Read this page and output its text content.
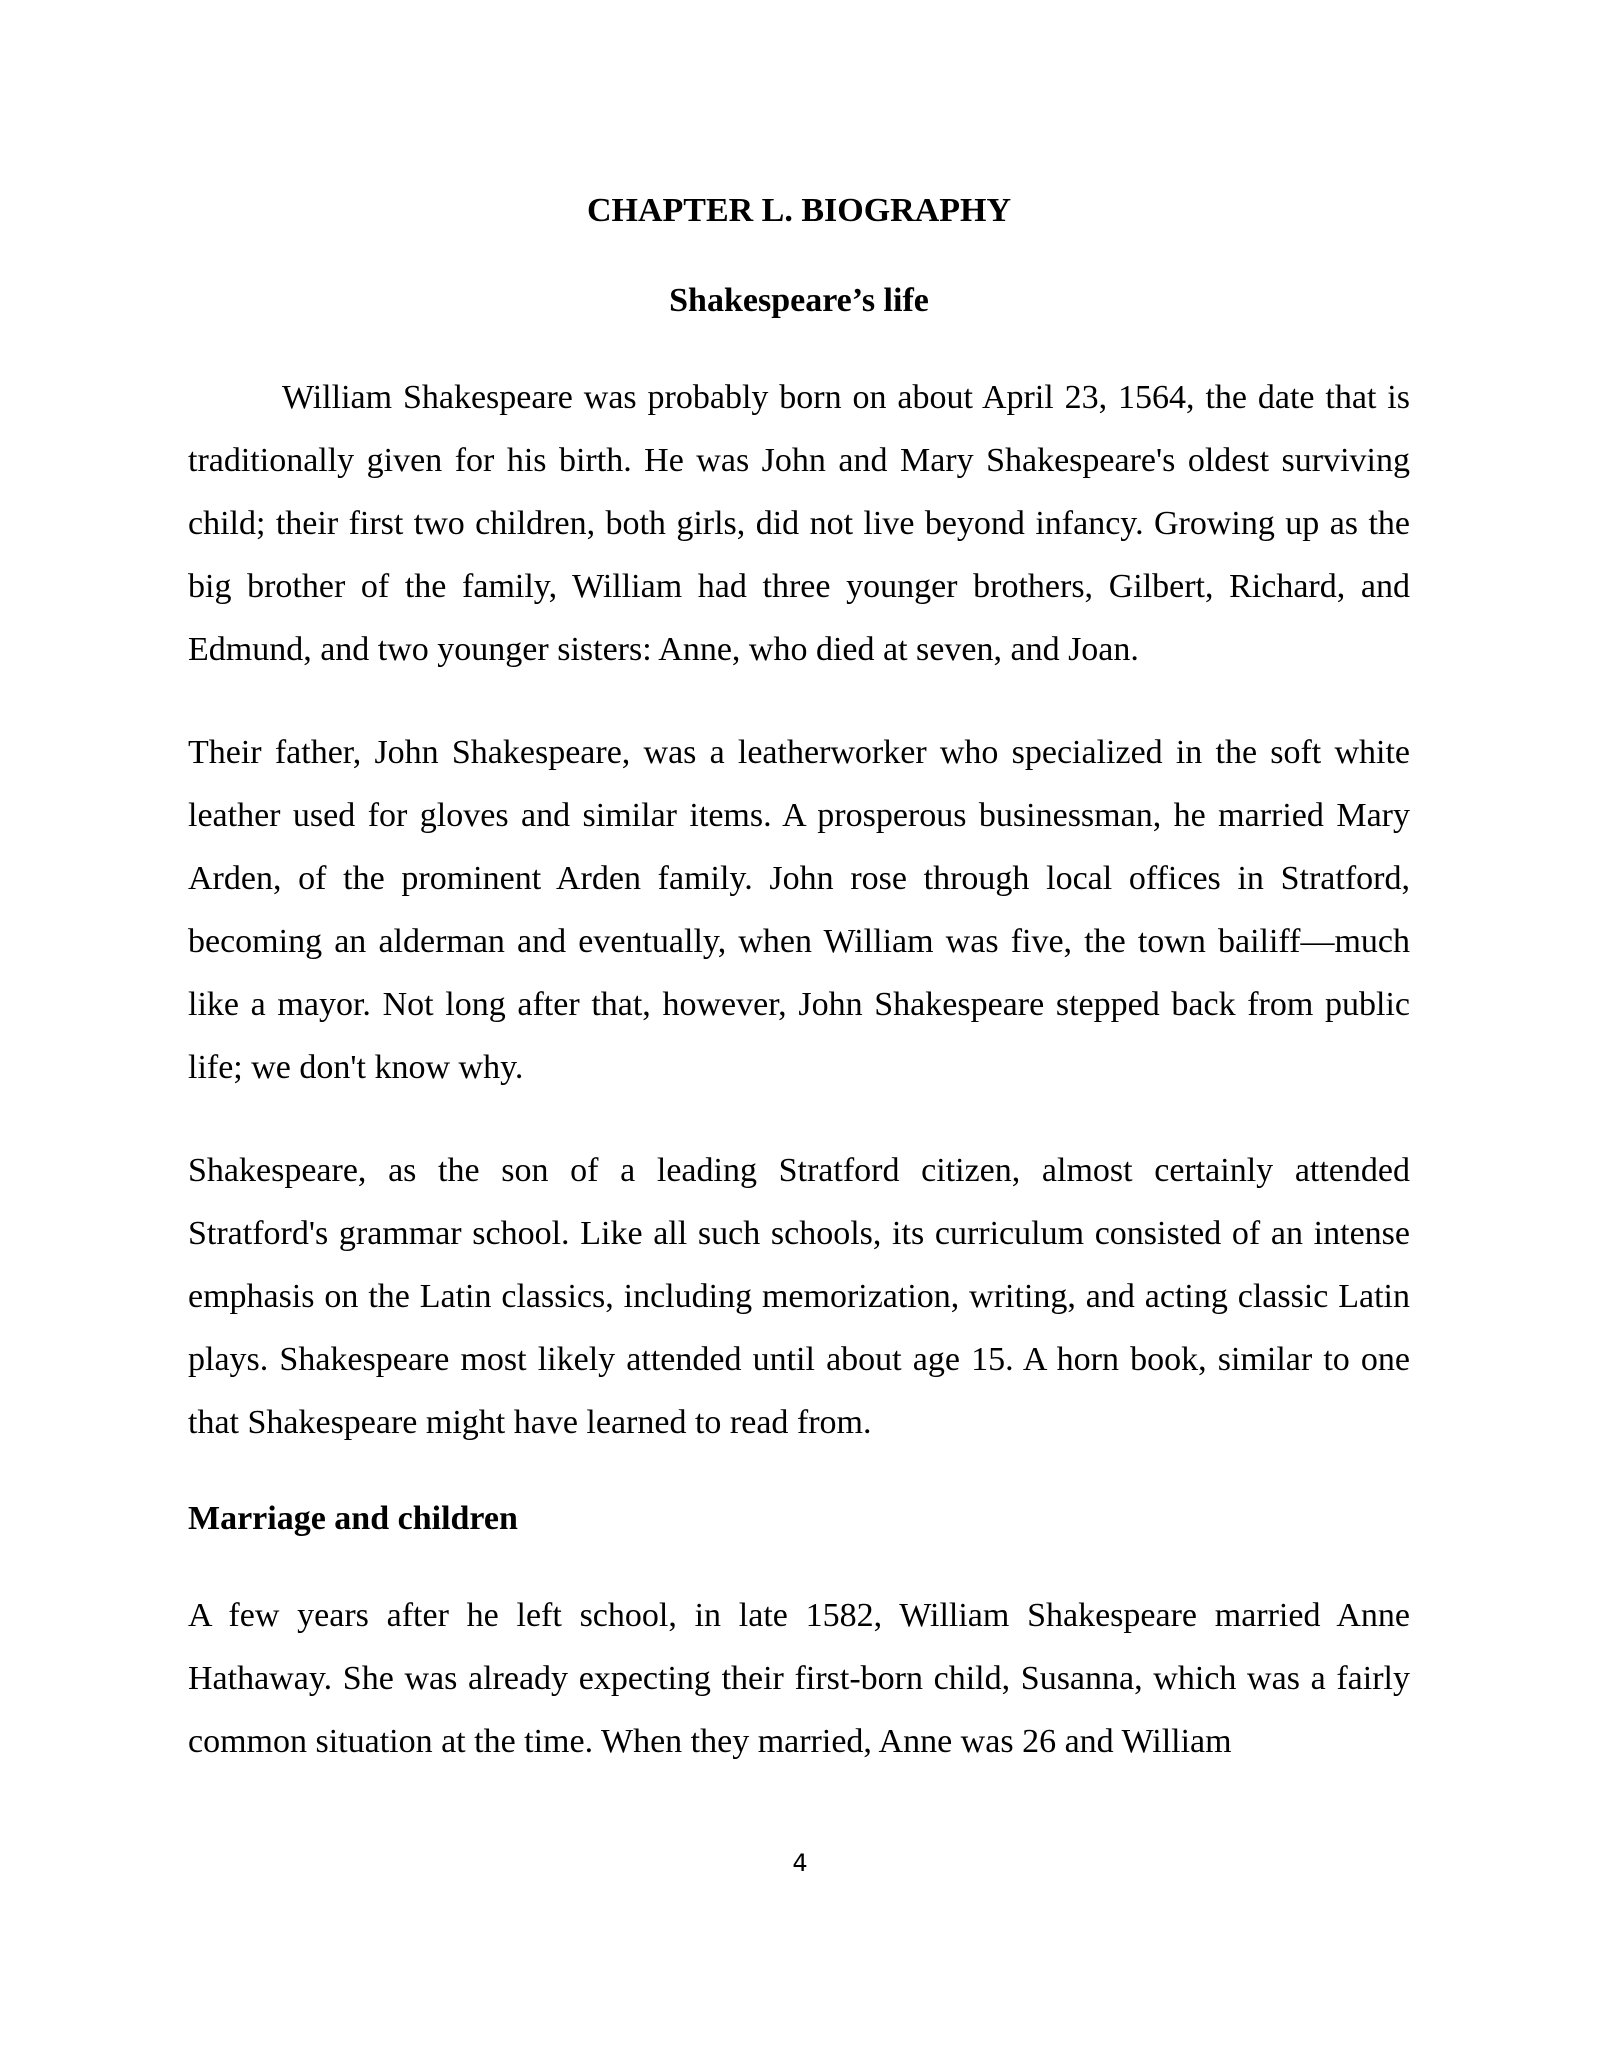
CHAPTER L. BIOGRAPHY
Shakespeare’s life

William Shakespeare was probably born on about April 23, 1564, the date that is traditionally given for his birth. He was John and Mary Shakespeare's oldest surviving child; their first two children, both girls, did not live beyond infancy. Growing up as the big brother of the family, William had three younger brothers, Gilbert, Richard, and Edmund, and two younger sisters: Anne, who died at seven, and Joan.

Their father, John Shakespeare, was a leatherworker who specialized in the soft white leather used for gloves and similar items. A prosperous businessman, he married Mary Arden, of the prominent Arden family. John rose through local offices in Stratford, becoming an alderman and eventually, when William was five, the town bailiff—much like a mayor. Not long after that, however, John Shakespeare stepped back from public life; we don't know why.

Shakespeare, as the son of a leading Stratford citizen, almost certainly attended Stratford's grammar school. Like all such schools, its curriculum consisted of an intense emphasis on the Latin classics, including memorization, writing, and acting classic Latin plays. Shakespeare most likely attended until about age 15. A horn book, similar to one that Shakespeare might have learned to read from.

Marriage and children

A few years after he left school, in late 1582, William Shakespeare married Anne Hathaway. She was already expecting their first-born child, Susanna, which was a fairly common situation at the time. When they married, Anne was 26 and William

4
